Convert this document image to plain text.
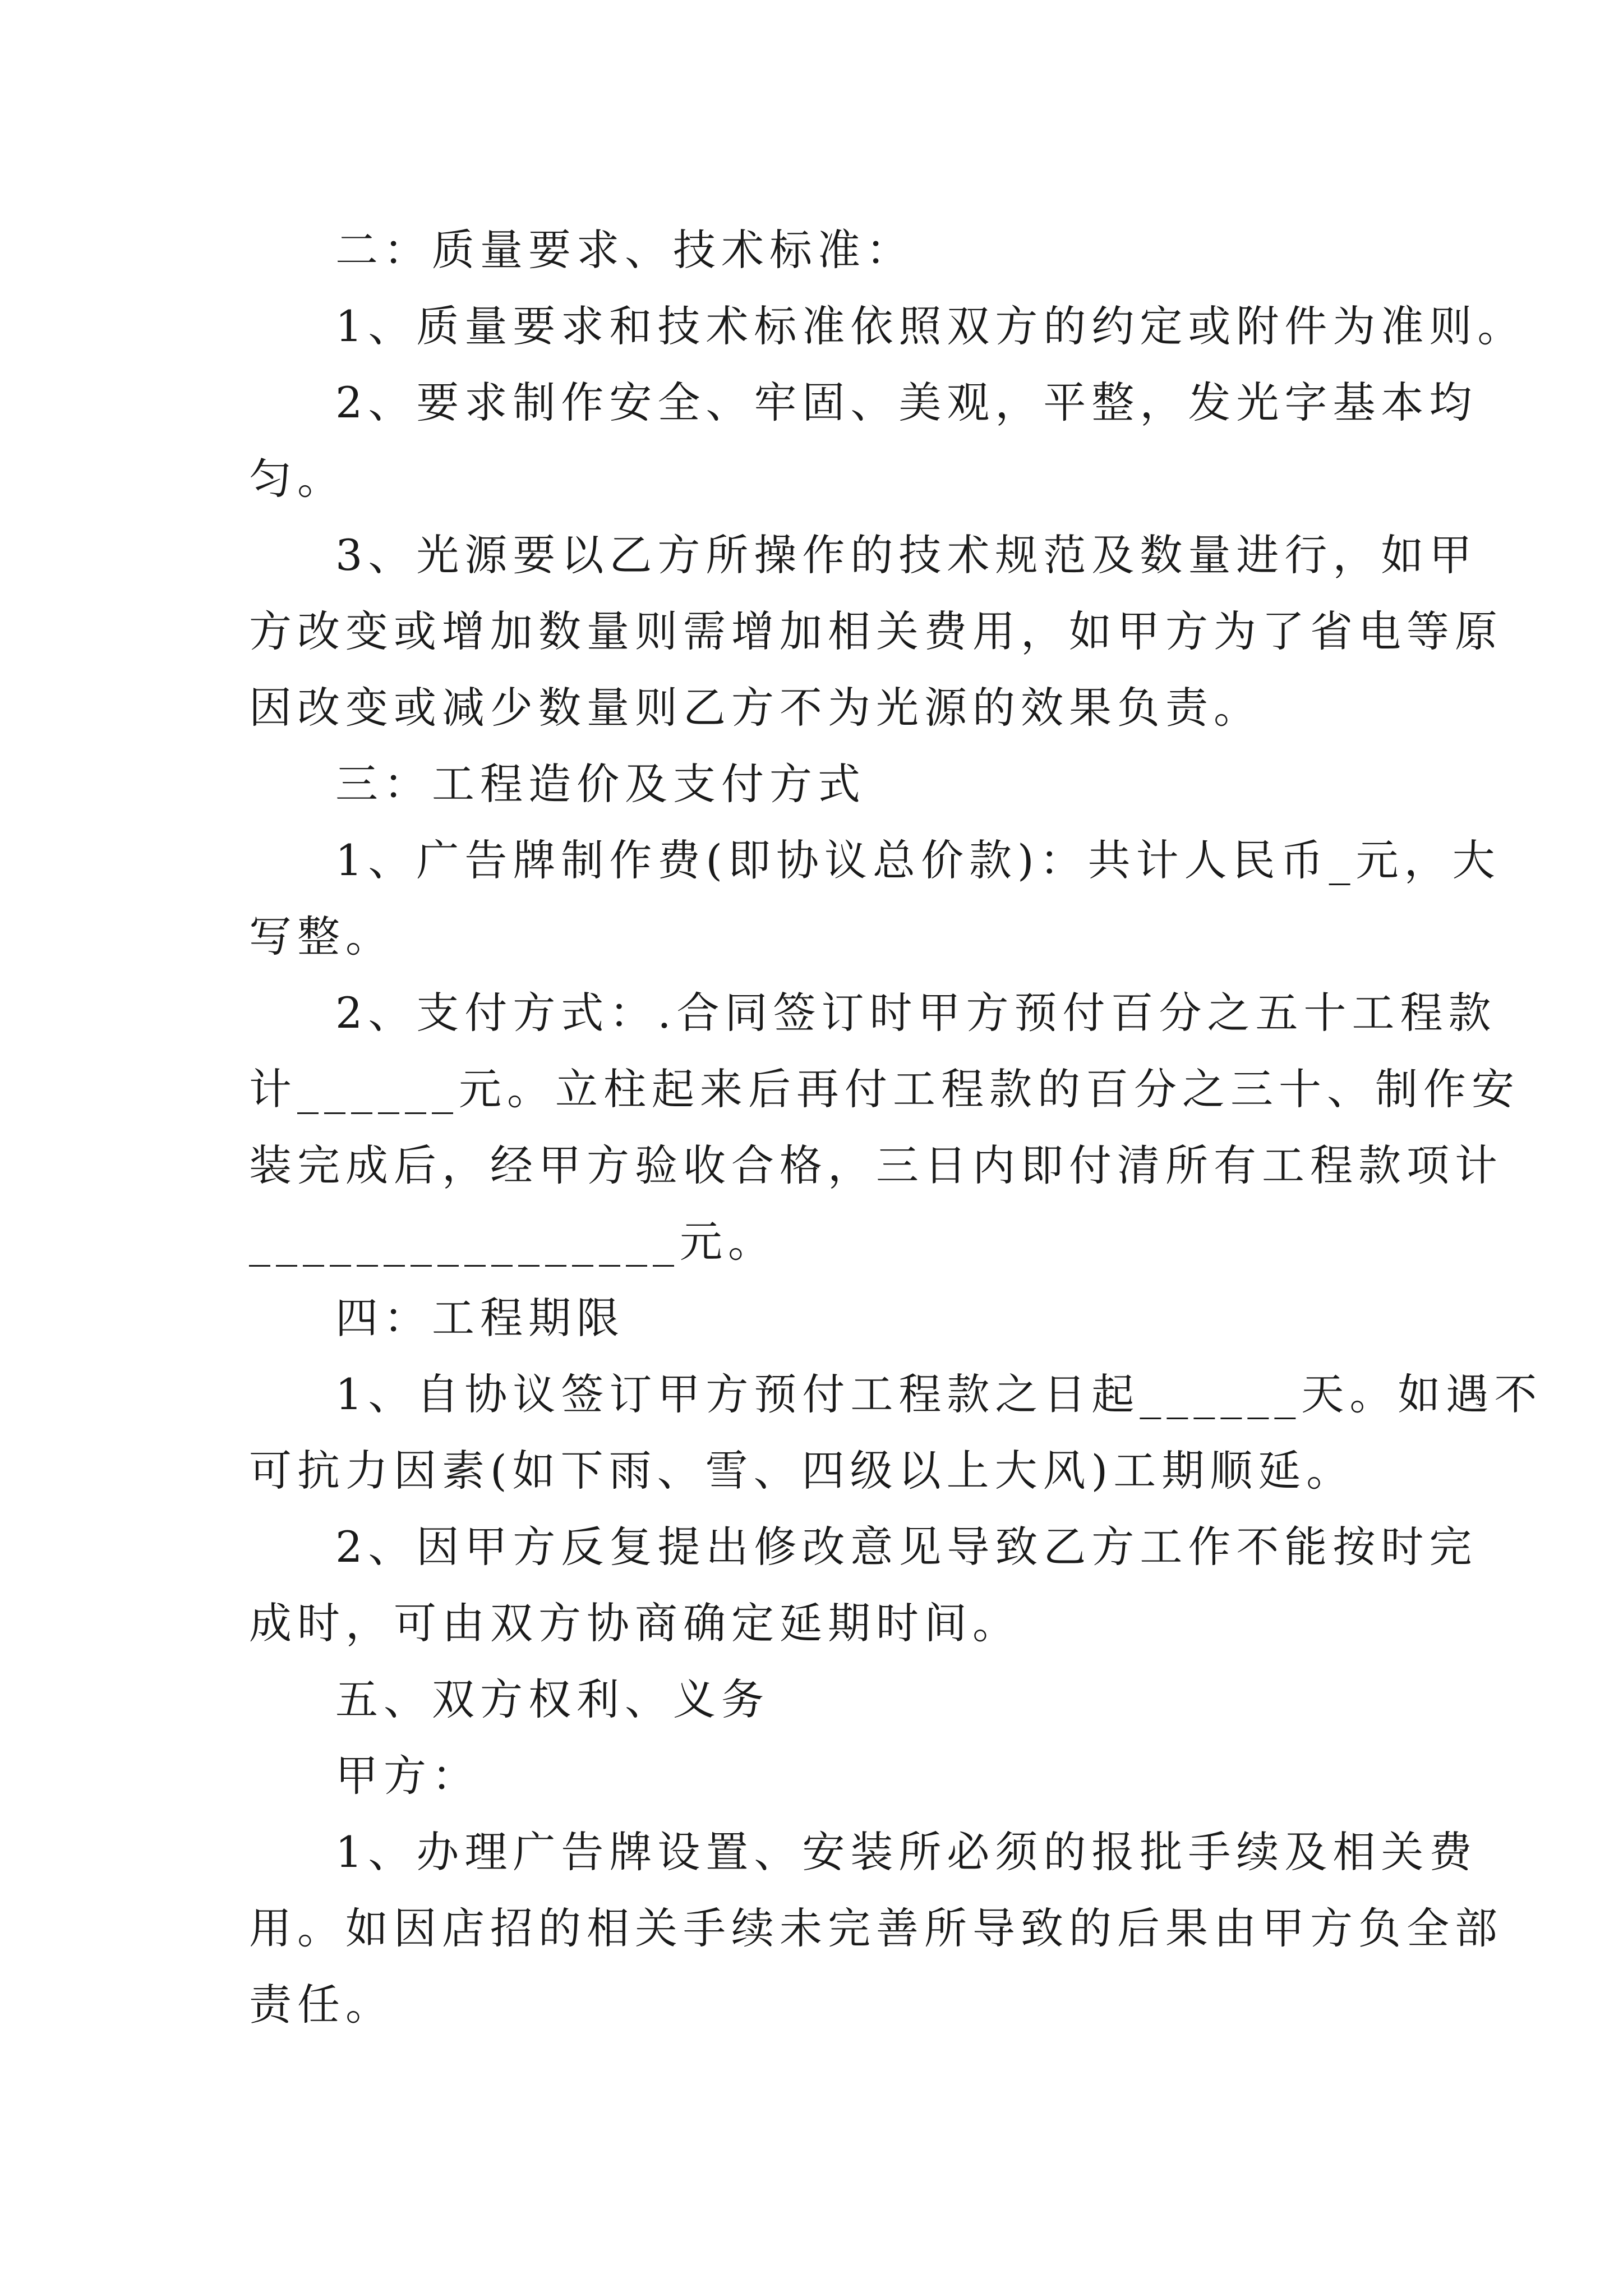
二：质量要求、技术标准：
1、质量要求和技术标准依照双方的约定或附件为准则。
2、要求制作安全、牢固、美观，平整，发光字基本均
匀。
3、光源要以乙方所操作的技术规范及数量进行，如甲
方改变或增加数量则需增加相关费用，如甲方为了省电等原
因改变或减少数量则乙方不为光源的效果负责。
三：工程造价及支付方式
1、广告牌制作费(即协议总价款)：共计人民币_元，大
写整。
2、支付方式：.合同签订时甲方预付百分之五十工程款
计______元。立柱起来后再付工程款的百分之三十、制作安
装完成后，经甲方验收合格，三日内即付清所有工程款项计
________________元。
四：工程期限
1、自协议签订甲方预付工程款之日起______天。如遇不
可抗力因素(如下雨、雪、四级以上大风)工期顺延。
2、因甲方反复提出修改意见导致乙方工作不能按时完
成时，可由双方协商确定延期时间。
五、双方权利、义务
甲方：
1、办理广告牌设置、安装所必须的报批手续及相关费
用。如因店招的相关手续未完善所导致的后果由甲方负全部
责任。
